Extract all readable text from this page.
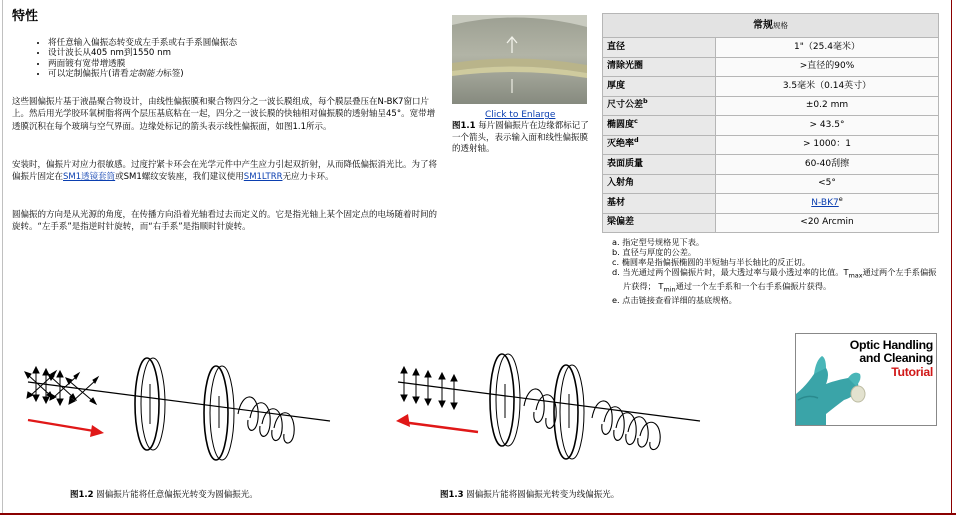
特性
• 将任意输入偏振态转变成左手系或右手系圆偏振态
• 设计波长从405 nm到1550 nm
• 两面镀有宽带增透膜
• 可以定制偏振片(请看定制能力标签)

这些圆偏振片基于液晶聚合物设计，由线性偏振膜和聚合物四分之一波长膜组成，每个膜层叠压在N-BK7窗口片上。然后用光学胶环氧树脂将两个层压基底粘在一起，四分之一波长膜的快轴相对偏振膜的透射轴呈45°。宽带增透膜沉积在每个玻璃与空气界面。边缘处标记的箭头表示线性偏振面，如图1.1所示。

安装时，偏振片对应力很敏感。过度拧紧卡环会在光学元件中产生应力引起双折射，从而降低偏振消光比。为了将偏振片固定在SM1透镜套筒或SM1螺纹安装座，我们建议使用SM1LTRR无应力卡环。

圆偏振的方向是从光源的角度，在传播方向沿着光轴看过去而定义的。它是指光轴上某个固定点的电场随着时间的旋转。“左手系”是指逆时针旋转，而“右手系”是指顺时针旋转。

Click to Enlarge
图1.1 每片圆偏振片在边缘都标记了一个箭头，表示输入面和线性偏振膜的透射轴。
常规规格	
直径	1"（25.4毫米）
清除光圈	>直径的90%
厚度	3.5毫米（0.14英寸）
尺寸公差$^b$	±0.2 mm
椭圆度$^c$	> 43.5°
灭绝率$^d$	> 1000：1
表面质量	60-40刮擦
入射角	<5°
基材	N-BK7e
梁偏差	<20 Arcmin
a. 指定型号规格见下表。
b. 直径与厚度的公差。
c. 椭圆率是指偏振椭圆的半短轴与半长轴比的反正切。
d. 当光通过两个圆偏振片时，最大透过率与最小透过率的比值。$T_{max}$通过两个左手系偏振片获得； $T_{min}$通过一个左手系和一个右手系偏振片获得。
e. 点击链接查看详细的基底规格。
Optic Handling
and Cleaning
Tutorial
图1.2 圆偏振片能将任意偏振光转变为圆偏振光。	图1.3 圆偏振片能将圆偏振光转变为线偏振光。
